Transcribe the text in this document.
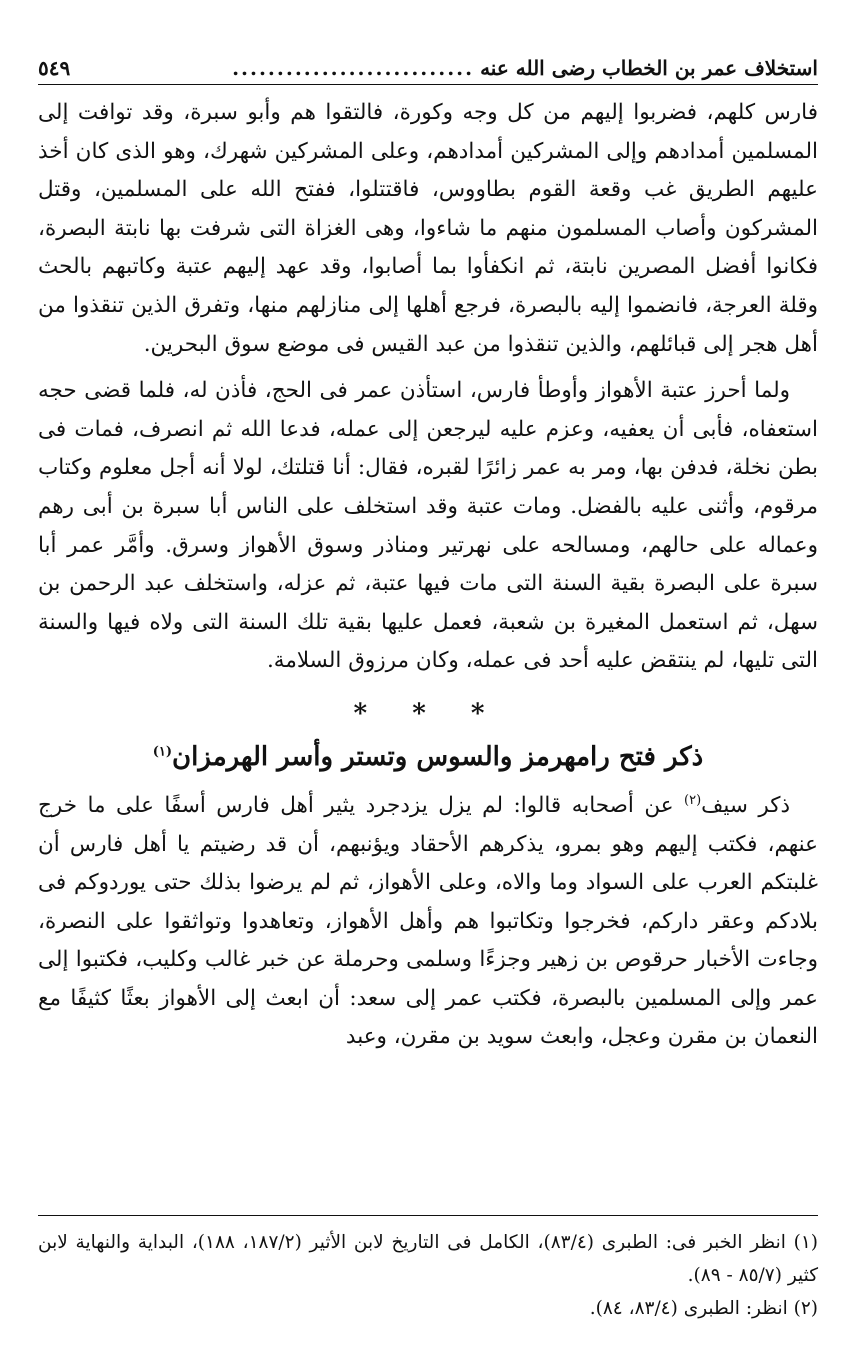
استخلاف عمر بن الخطاب رضى الله عنه
...........................
٥٤٩

فارس كلهم، فضربوا إليهم من كل وجه وكورة، فالتقوا هم وأبو سبرة، وقد توافت إلى المسلمين أمدادهم وإلى المشركين أمدادهم، وعلى المشركين شهرك، وهو الذى كان أخذ عليهم الطريق غب وقعة القوم بطاووس، فاقتتلوا، ففتح الله على المسلمين، وقتل المشركون وأصاب المسلمون منهم ما شاءوا، وهى الغزاة التى شرفت بها نابتة البصرة، فكانوا أفضل المصرين نابتة، ثم انكفأوا بما أصابوا، وقد عهد إليهم عتبة وكاتبهم بالحث وقلة العرجة، فانضموا إليه بالبصرة، فرجع أهلها إلى منازلهم منها، وتفرق الذين تنقذوا من أهل هجر إلى قبائلهم، والذين تنقذوا من عبد القيس فى موضع سوق البحرين.

ولما أحرز عتبة الأهواز وأوطأ فارس، استأذن عمر فى الحج، فأذن له، فلما قضى حجه استعفاه، فأبى أن يعفيه، وعزم عليه ليرجعن إلى عمله، فدعا الله ثم انصرف، فمات فى بطن نخلة، فدفن بها، ومر به عمر زائرًا لقبره، فقال: أنا قتلتك، لولا أنه أجل معلوم وكتاب مرقوم، وأثنى عليه بالفضل. ومات عتبة وقد استخلف على الناس أبا سبرة بن أبى رهم وعماله على حالهم، ومسالحه على نهرتير ومناذر وسوق الأهواز وسرق. وأمَّر عمر أبا سبرة على البصرة بقية السنة التى مات فيها عتبة، ثم عزله، واستخلف عبد الرحمن بن سهل، ثم استعمل المغيرة بن شعبة، فعمل عليها بقية تلك السنة التى ولاه فيها والسنة التى تليها، لم ينتقض عليه أحد فى عمله، وكان مرزوق السلامة.

* * *
ذكر فتح رامهرمز والسوس وتستر وأسر الهرمزان$^{(١)}$

ذكر سيف$^{(٢)}$ عن أصحابه قالوا: لم يزل يزدجرد يثير أهل فارس أسفًا على ما خرج عنهم، فكتب إليهم وهو بمرو، يذكرهم الأحقاد ويؤنبهم، أن قد رضيتم يا أهل فارس أن غلبتكم العرب على السواد وما والاه، وعلى الأهواز، ثم لم يرضوا بذلك حتى يوردوكم فى بلادكم وعقر داركم، فخرجوا وتكاتبوا هم وأهل الأهواز، وتعاهدوا وتواثقوا على النصرة، وجاءت الأخبار حرقوص بن زهير وجزءًا وسلمى وحرملة عن خبر غالب وكليب، فكتبوا إلى عمر وإلى المسلمين بالبصرة، فكتب عمر إلى سعد: أن ابعث إلى الأهواز بعثًا كثيفًا مع النعمان بن مقرن وعجل، وابعث سويد بن مقرن، وعبد

(١) انظر الخبر فى: الطبرى (٨٣/٤)، الكامل فى التاريخ لابن الأثير (١٨٧/٢، ١٨٨)، البداية والنهاية لابن كثير (٨٥/٧ - ٨٩).

(٢) انظر: الطبرى (٨٣/٤، ٨٤).
